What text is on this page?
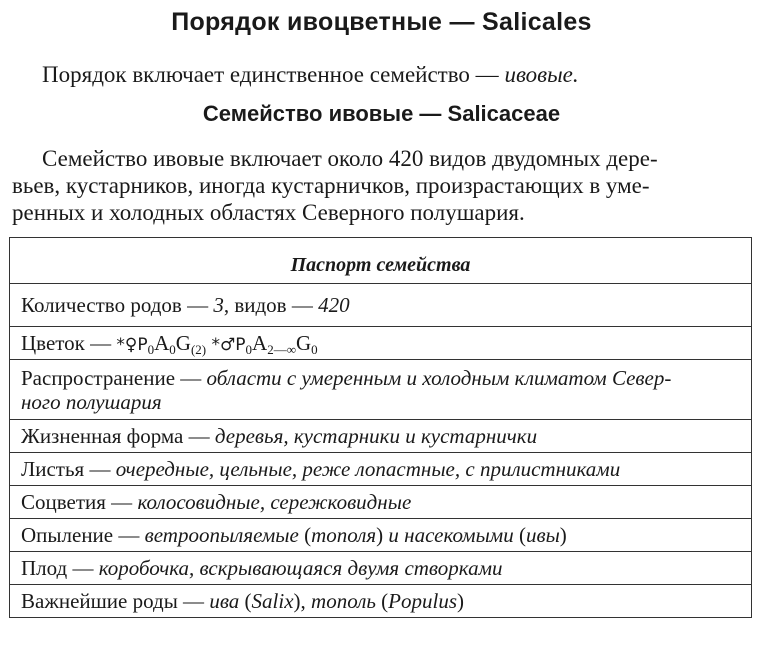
Порядок ивоцветные — Salicales
Порядок включает единственное семейство — ивовые.
Семейство ивовые — Salicaceae
Семейство ивовые включает около 420 видов двудомных дере-
вьев, кустарников, иногда кустарничков, произрастающих в уме-
ренных и холодных областях Северного полушария.
Паспорт семейства
Количество родов — 3, видов — 420
Цветок — $*♀P_0A_0G_{(2)}$ $*♂P_0A_{2—\infty}G_0$
Распространение — области с умеренным и холодным климатом Север-
ного полушария
Жизненная форма — деревья, кустарники и кустарнички
Листья — очередные, цельные, реже лопастные, с прилистниками
Соцветия — колосовидные, сережковидные
Опыление — ветроопыляемые (тополя) и насекомыми (ивы)
Плод — коробочка, вскрывающаяся двумя створками
Важнейшие роды — ива (Salix), тополь (Populus)
